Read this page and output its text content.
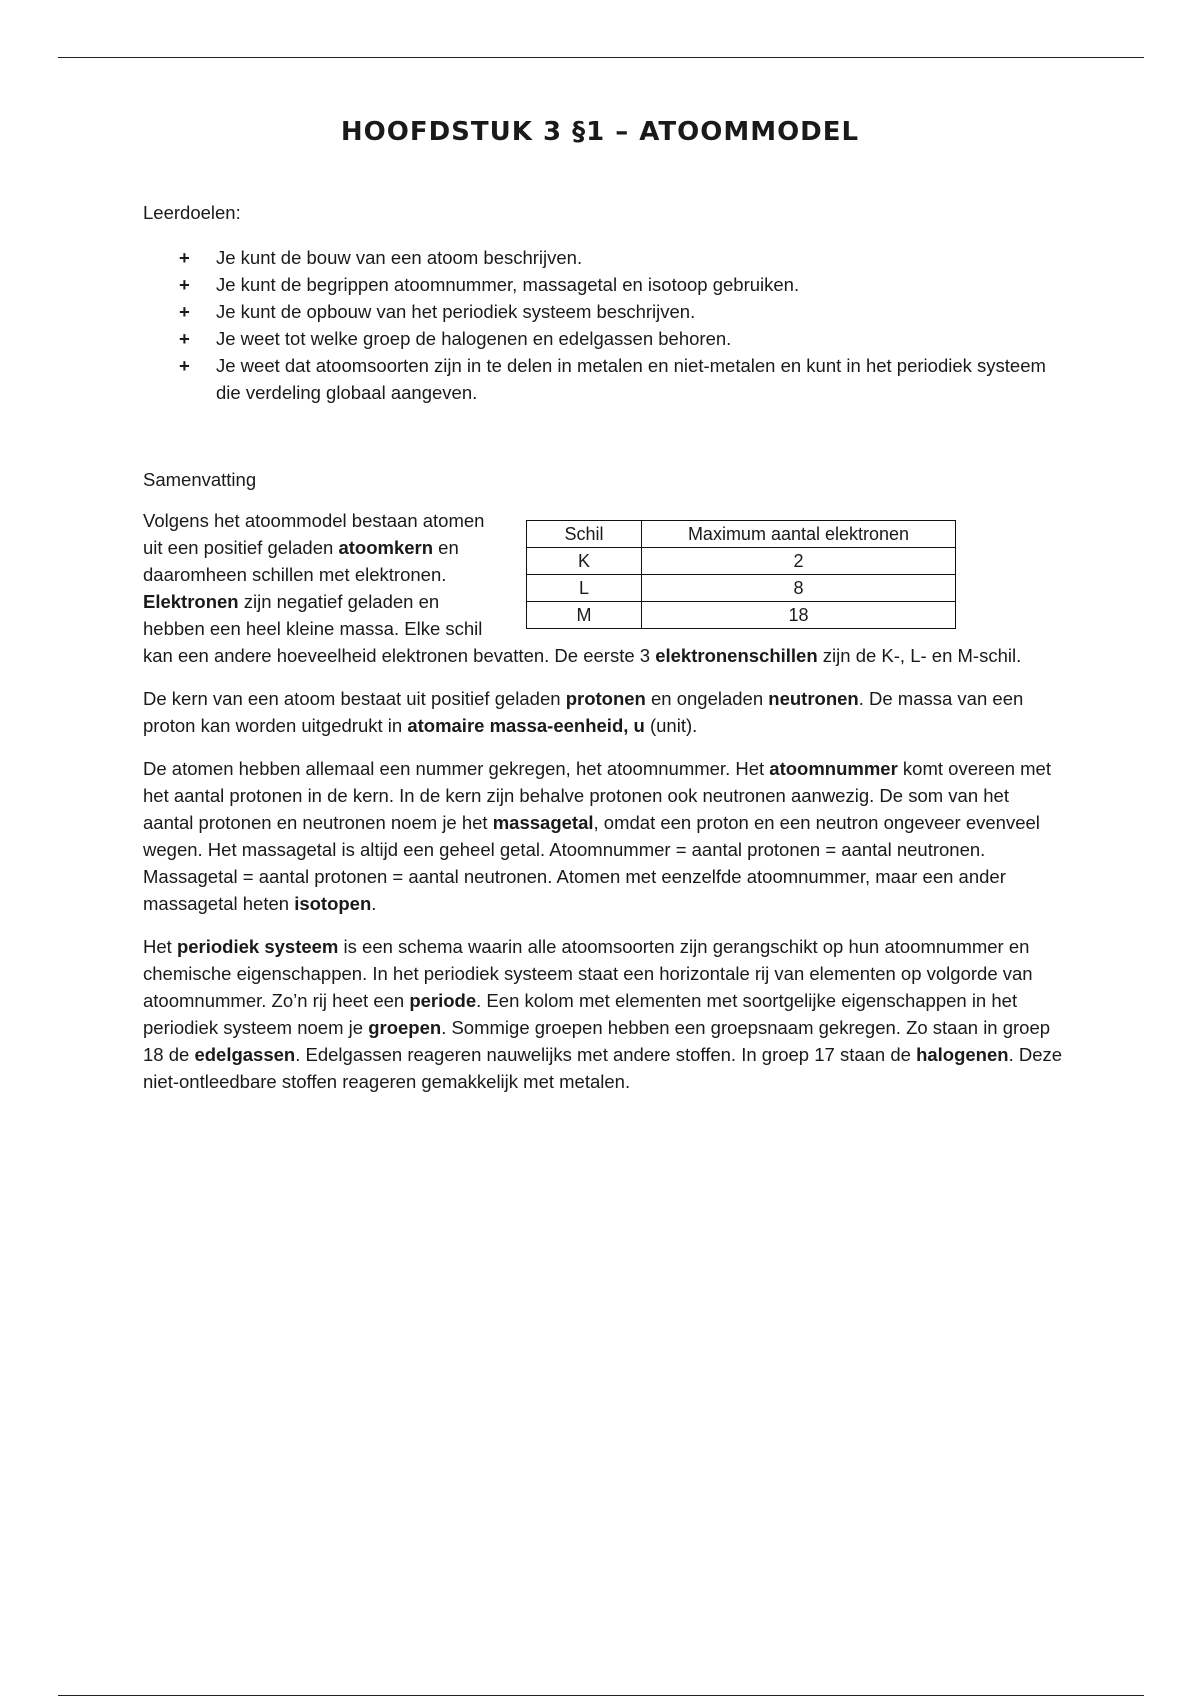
HOOFDSTUK 3 §1 – ATOOMMODEL

Leerdoelen:

+ Je kunt de bouw van een atoom beschrijven.
+ Je kunt de begrippen atoomnummer, massagetal en isotoop gebruiken.
+ Je kunt de opbouw van het periodiek systeem beschrijven.
+ Je weet tot welke groep de halogenen en edelgassen behoren.
+ Je weet dat atoomsoorten zijn in te delen in metalen en niet-metalen en kunt in het periodiek systeem die verdeling globaal aangeven.

Samenvatting

Schil	Maximum aantal elektronen
K	2
L	8
M	18
Volgens het atoommodel bestaan atomen uit een positief geladen atoomkern en daaromheen schillen met elektronen. Elektronen zijn negatief geladen en hebben een heel kleine massa. Elke schil kan een andere hoeveelheid elektronen bevatten. De eerste 3 elektronenschillen zijn de K-, L- en M-schil.

De kern van een atoom bestaat uit positief geladen protonen en ongeladen neutronen. De massa van een proton kan worden uitgedrukt in atomaire massa-eenheid, u (unit).

De atomen hebben allemaal een nummer gekregen, het atoomnummer. Het atoomnummer komt overeen met het aantal protonen in de kern. In de kern zijn behalve protonen ook neutronen aanwezig. De som van het aantal protonen en neutronen noem je het massagetal, omdat een proton en een neutron ongeveer evenveel wegen. Het massagetal is altijd een geheel getal. Atoomnummer = aantal protonen = aantal neutronen. Massagetal = aantal protonen = aantal neutronen. Atomen met eenzelfde atoomnummer, maar een ander massagetal heten isotopen.

Het periodiek systeem is een schema waarin alle atoomsoorten zijn gerangschikt op hun atoomnummer en chemische eigenschappen. In het periodiek systeem staat een horizontale rij van elementen op volgorde van atoomnummer. Zo’n rij heet een periode. Een kolom met elementen met soortgelijke eigenschappen in het periodiek systeem noem je groepen. Sommige groepen hebben een groepsnaam gekregen. Zo staan in groep 18 de edelgassen. Edelgassen reageren nauwelijks met andere stoffen. In groep 17 staan de halogenen. Deze niet-ontleedbare stoffen reageren gemakkelijk met metalen.
